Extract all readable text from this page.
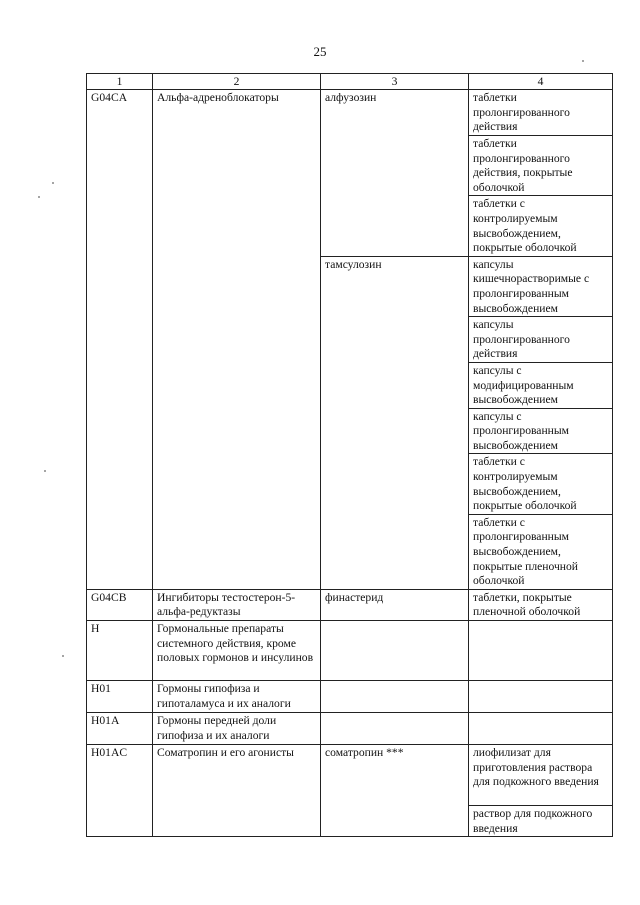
25
1	2	3	4
G04CA	Альфа-адреноблокаторы	алфузозин	таблетки пролонгированного действия
			таблетки пролонгированного действия, покрытые оболочкой
			таблетки с контролируемым высвобождением, покрытые оболочкой
		тамсулозин	капсулы кишечнорастворимые с пролонгированным высвобождением
			капсулы пролонгированного действия
			капсулы с модифицированным высвобождением
			капсулы с пролонгированным высвобождением
			таблетки с контролируемым высвобождением, покрытые оболочкой
			таблетки с пролонгированным высвобождением, покрытые пленочной оболочкой
G04CB	Ингибиторы тестостерон-5-альфа-редуктазы	финастерид	таблетки, покрытые пленочной оболочкой
H	Гормональные препараты системного действия, кроме половых гормонов и инсулинов		
H01	Гормоны гипофиза и гипоталамуса и их аналоги		
H01A	Гормоны передней доли гипофиза и их аналоги		
H01AC	Соматропин и его агонисты	соматропин ***	лиофилизат для приготовления раствора для подкожного введения
			раствор для подкожного введения
